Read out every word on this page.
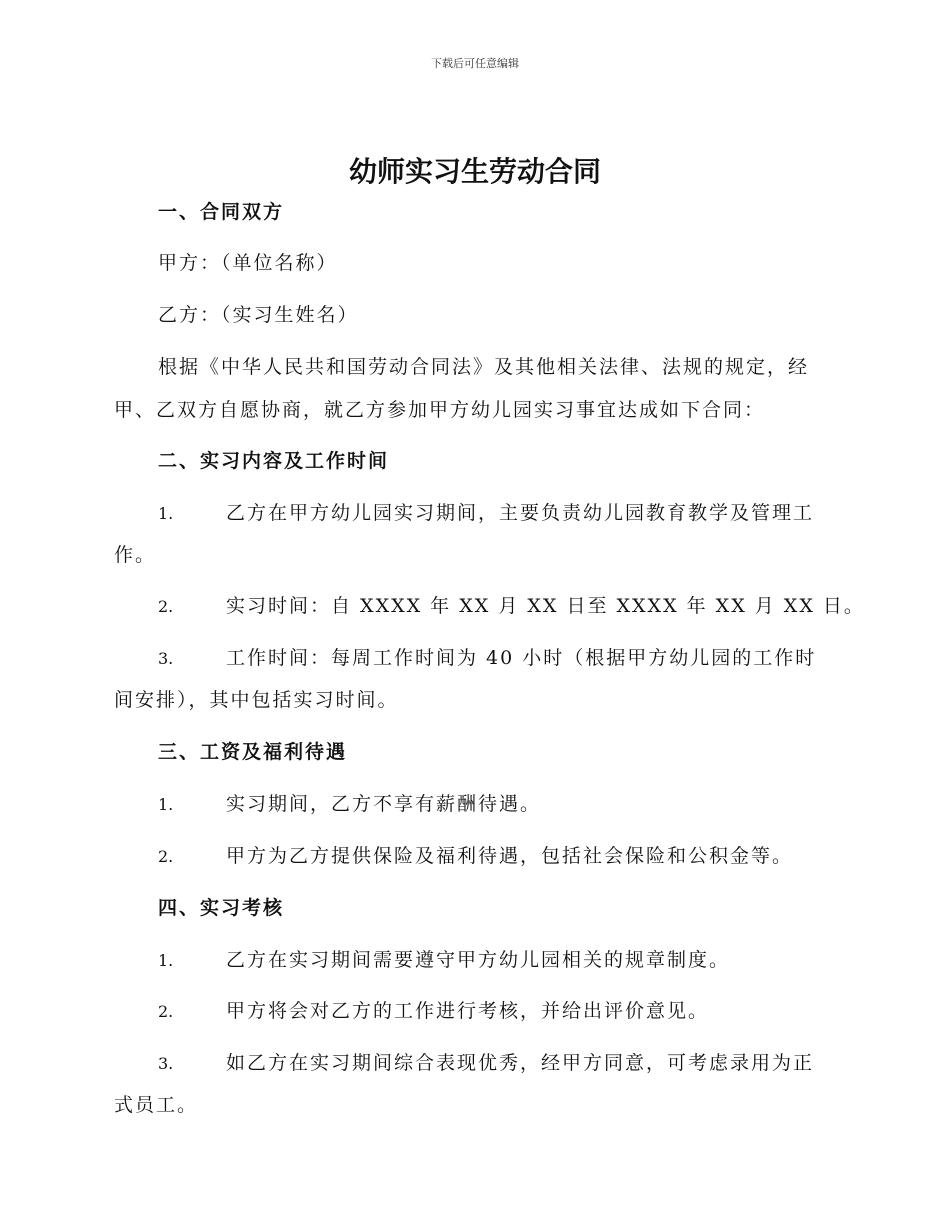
下载后可任意编辑
幼师实习生劳动合同
一、合同双方
甲方：（单位名称）
乙方：（实习生姓名）
根据《中华人民共和国劳动合同法》及其他相关法律、法规的规定，经
甲、乙双方自愿协商，就乙方参加甲方幼儿园实习事宜达成如下合同：
二、实习内容及工作时间
1.	乙方在甲方幼儿园实习期间，主要负责幼儿园教育教学及管理工
作。
2.	实习时间：自 XXXX 年 XX 月 XX 日至 XXXX 年 XX 月 XX 日。
3.	工作时间：每周工作时间为 40 小时（根据甲方幼儿园的工作时
间安排），其中包括实习时间。
三、工资及福利待遇
1.	实习期间，乙方不享有薪酬待遇。
2.	甲方为乙方提供保险及福利待遇，包括社会保险和公积金等。
四、实习考核
1.	乙方在实习期间需要遵守甲方幼儿园相关的规章制度。
2.	甲方将会对乙方的工作进行考核，并给出评价意见。
3.	如乙方在实习期间综合表现优秀，经甲方同意，可考虑录用为正
式员工。
